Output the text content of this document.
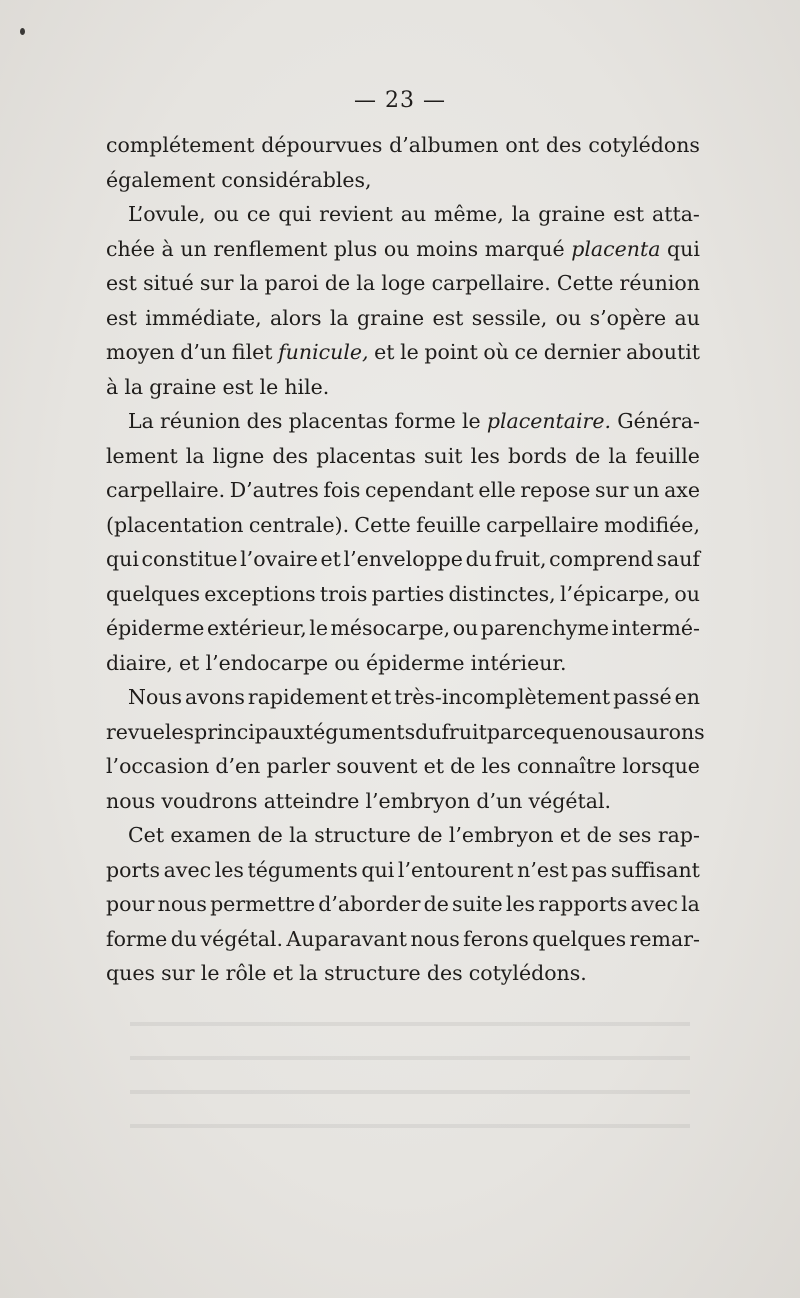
— 23 —
complétement dépourvues d’albumen ont des cotylédons
également considérables,
L’ovule, ou ce qui revient au même, la graine est atta-
chée à un renflement plus ou moins marqué placenta qui
est situé sur la paroi de la loge carpellaire. Cette réunion
est immédiate, alors la graine est sessile, ou s’opère au
moyen d’un filet funicule, et le point où ce dernier aboutit
à la graine est le hile.
La réunion des placentas forme le placentaire. Généra-
lement la ligne des placentas suit les bords de la feuille
carpellaire. D’autres fois cependant elle repose sur un axe
(placentation centrale). Cette feuille carpellaire modifiée,
qui constitue l’ovaire et l’enveloppe du fruit, comprend sauf
quelques exceptions trois parties distinctes, l’épicarpe, ou
épiderme extérieur, le mésocarpe, ou parenchyme intermé-
diaire, et l’endocarpe ou épiderme intérieur.
Nous avons rapidement et très-incomplètement passé en
revue les principaux téguments du fruit parce que nous aurons
l’occasion d’en parler souvent et de les connaître lorsque
nous voudrons atteindre l’embryon d’un végétal.
Cet examen de la structure de l’embryon et de ses rap-
ports avec les téguments qui l’entourent n’est pas suffisant
pour nous permettre d’aborder de suite les rapports avec la
forme du végétal. Auparavant nous ferons quelques remar-
ques sur le rôle et la structure des cotylédons.
